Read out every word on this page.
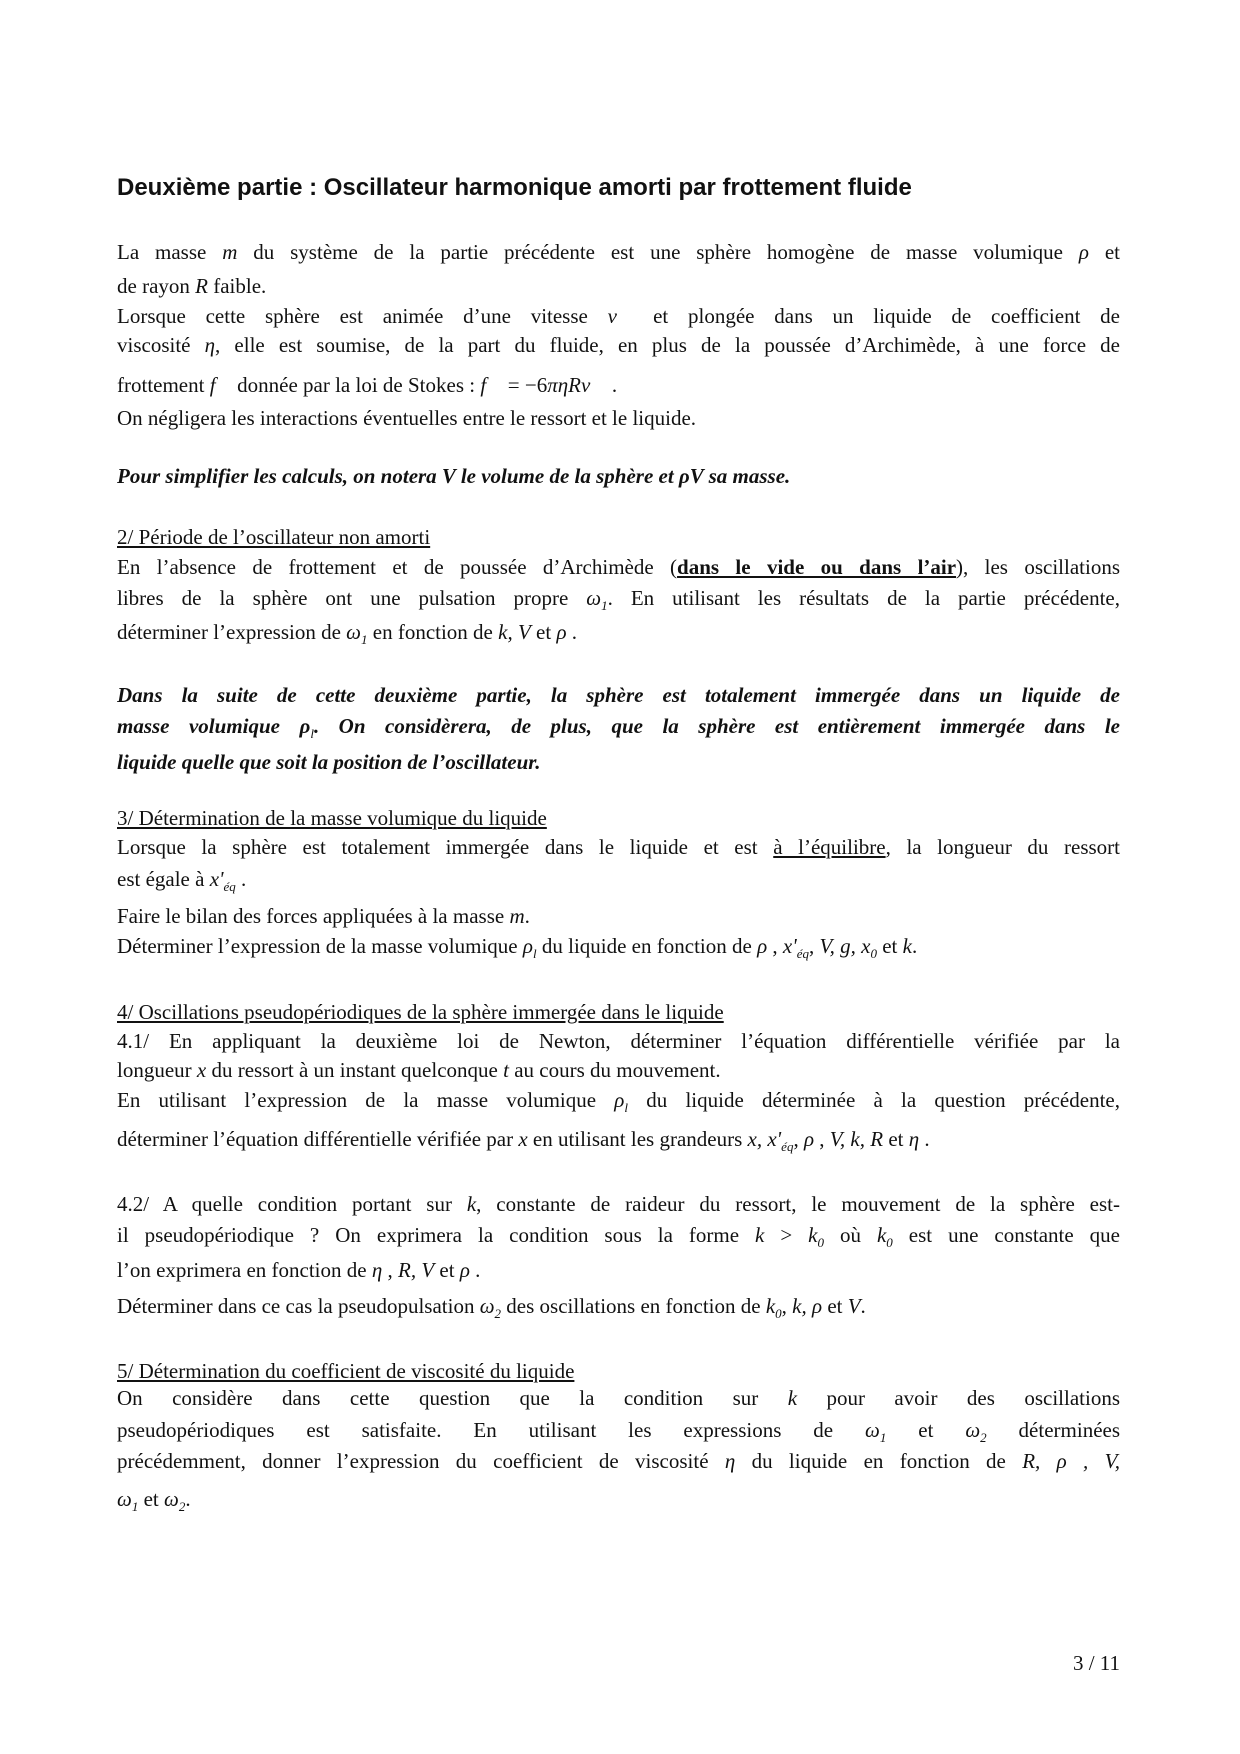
Deuxième partie : Oscillateur harmonique amorti par frottement fluide
La masse m du système de la partie précédente est une sphère homogène de masse volumique ρ et
de rayon R faible.
Lorsque cette sphère est animée d’une vitesse v⃗ et plongée dans un liquide de coefficient de
viscosité η, elle est soumise, de la part du fluide, en plus de la poussée d’Archimède, à une force de
frottement f⃗ donnée par la loi de Stokes : f⃗ = −6πηRv⃗ .
On négligera les interactions éventuelles entre le ressort et le liquide.
Pour simplifier les calculs, on notera V le volume de la sphère et ρV sa masse.
2/ Période de l’oscillateur non amorti
En l’absence de frottement et de poussée d’Archimède (dans le vide ou dans l’air), les oscillations
libres de la sphère ont une pulsation propre $\omega_1$. En utilisant les résultats de la partie précédente,
déterminer l’expression de $\omega_1$ en fonction de k, V et ρ .
Dans la suite de cette deuxième partie, la sphère est totalement immergée dans un liquide de
masse volumique $\rho_l$. On considèrera, de plus, que la sphère est entièrement immergée dans le
liquide quelle que soit la position de l’oscillateur.
3/ Détermination de la masse volumique du liquide
Lorsque la sphère est totalement immergée dans le liquide et est à l’équilibre, la longueur du ressort
est égale à $x'_{éq}$ .
Faire le bilan des forces appliquées à la masse m.
Déterminer l’expression de la masse volumique $\rho_l$ du liquide en fonction de ρ , $x'_{éq}$, V, g, $x_0$ et k.
4/ Oscillations pseudopériodiques de la sphère immergée dans le liquide
4.1/ En appliquant la deuxième loi de Newton, déterminer l’équation différentielle vérifiée par la
longueur x du ressort à un instant quelconque t au cours du mouvement.
En utilisant l’expression de la masse volumique $\rho_l$ du liquide déterminée à la question précédente,
déterminer l’équation différentielle vérifiée par x en utilisant les grandeurs x, $x'_{éq}$, ρ , V, k, R et η .
4.2/ A quelle condition portant sur k, constante de raideur du ressort, le mouvement de la sphère est-
il pseudopériodique ? On exprimera la condition sous la forme $k > k_0$ où $k_0$ est une constante que
l’on exprimera en fonction de η , R, V et ρ .
Déterminer dans ce cas la pseudopulsation $\omega_2$ des oscillations en fonction de $k_0$, k, ρ et V.
5/ Détermination du coefficient de viscosité du liquide
On considère dans cette question que la condition sur k pour avoir des oscillations
pseudopériodiques est satisfaite. En utilisant les expressions de $\omega_1$ et $\omega_2$ déterminées
précédemment, donner l’expression du coefficient de viscosité η du liquide en fonction de R, ρ , V,
$\omega_1$ et $\omega_2$.
3 / 11
